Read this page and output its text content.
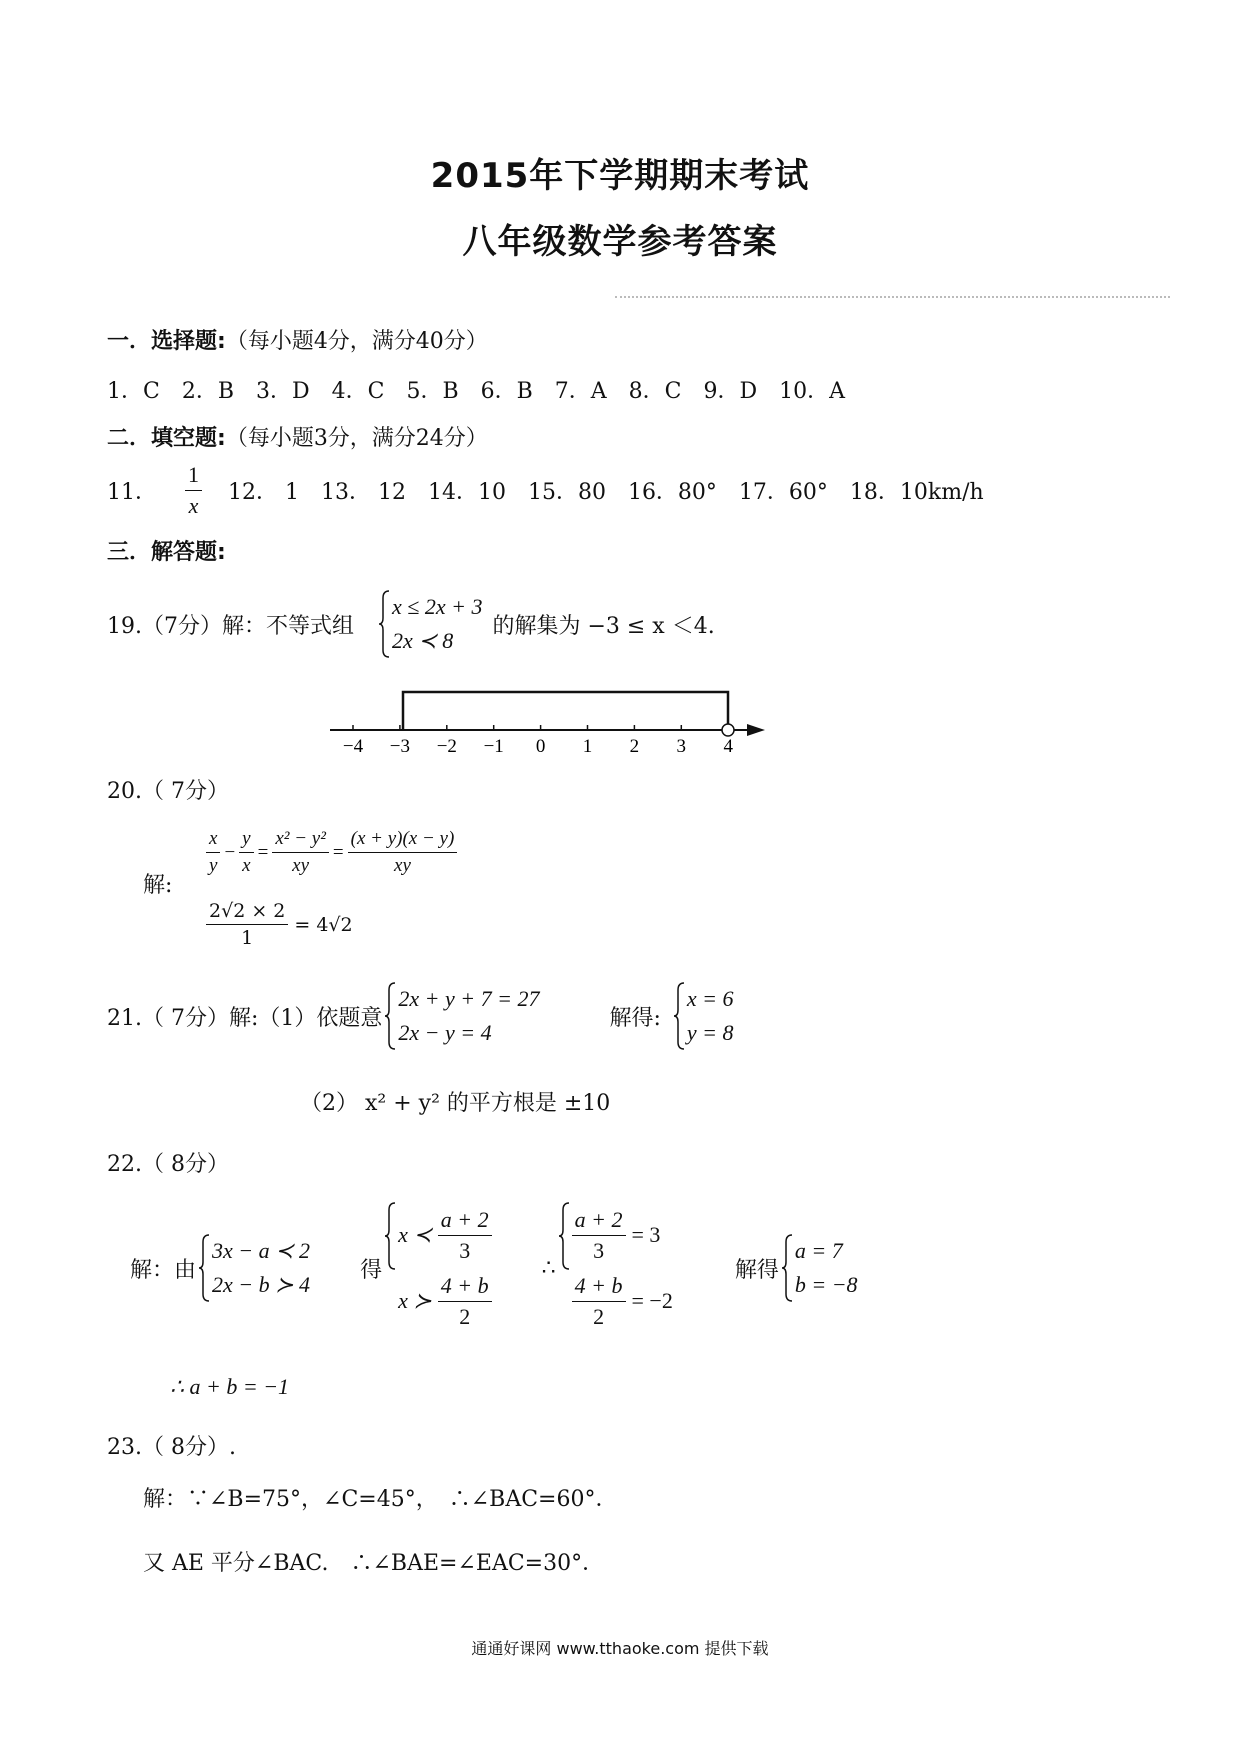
2015年下学期期末考试
八年级数学参考答案
一．选择题:（每小题4分，满分40分）
1．C　2．B　3．D　4．C　5．B　6．B　7．A　8．C　9．D　10．A
二．填空题:（每小题3分，满分24分）
11． $\frac{1}{x} 12$． 1　13． 12　14．10　15．80　16．80°　17．60°　18．10km/h
三．解答题:
19.（7分）解：不等式组
x ≤ 2x + 3
2x ≺ 8
的解集为 −3 ≤ x ＜4.
−4 −3 −2 −1 0 1 2 3 4
20.（ 7分）
解:
$\frac{x}{y} - \frac{y}{x} = \frac{\text{x² − y²}}{xy} = \frac{(x + y)(x - y)}{xy}$
$\frac{2√2 \times 2}{1} = 4√2$
21.（ 7分）解:（1）依题意
2x + y + 7 = 27
2x − y = 4
解得:
x = 6
y = 8
（2） x² + y² 的平方根是 ±10
22.（ 8分）
解：由
3x − a ≺ 2
2x − b ≻ 4
得
x ≺ $\frac{a + 2}{3}$
x ≻ $\frac{4 + b}{2}$
∴
$\frac{a + 2}{3} = 3$
$\frac{4 + b}{2} = -2$
解得
a = 7
b = −8
∴ a + b = −1
23.（ 8分）.
解：∵∠B=75°，∠C=45°，　∴∠BAC=60°．
又 AE 平分∠BAC.　∴∠BAE=∠EAC=30°．
通通好课网 www.tthaoke.com 提供下载
